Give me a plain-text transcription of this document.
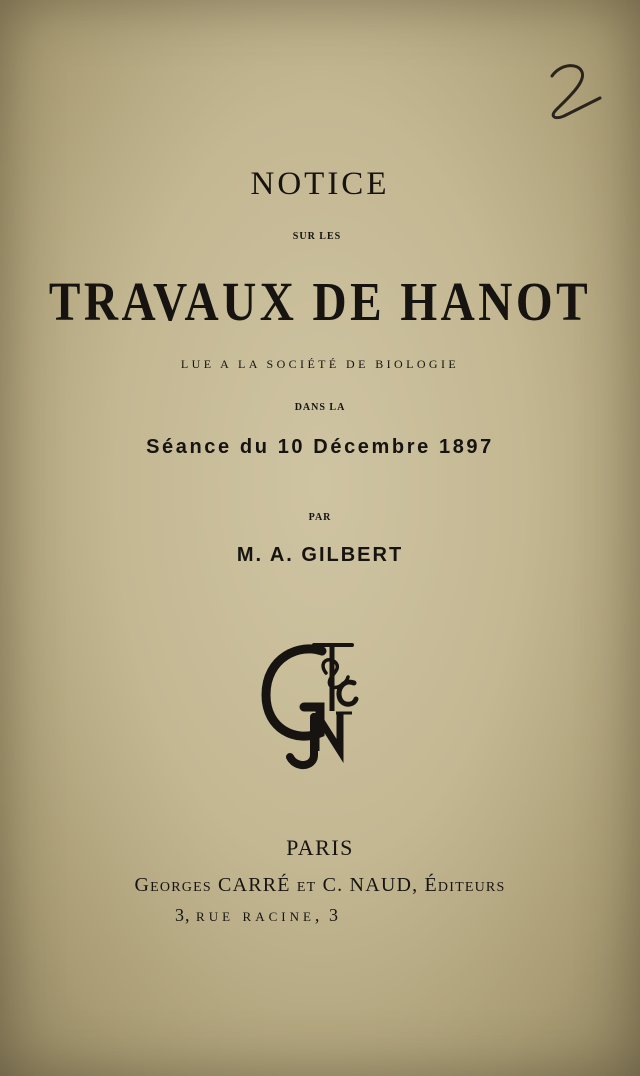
NOTICE
SUR LES
TRAVAUX DE HANOT
LUE A LA SOCIÉTÉ DE BIOLOGIE
DANS LA
Séance du 10 Décembre 1897
PAR
M. A. GILBERT
PARIS
Georges CARRÉ et C. NAUD, Éditeurs
3, rue racine, 3
